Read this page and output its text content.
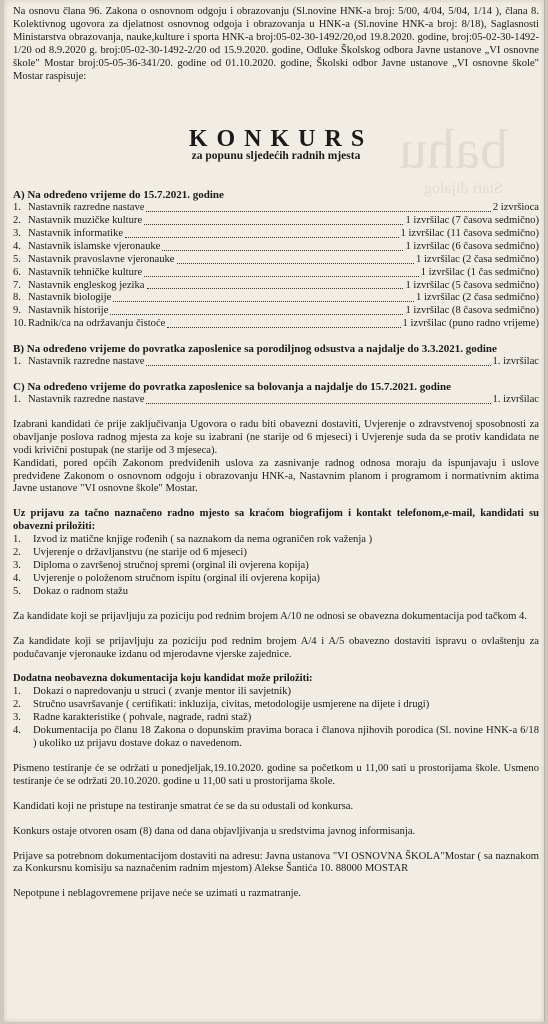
bahu
Stari dijalog

Na osnovu člana 96. Zakona o osnovnom odgoju i obrazovanju (Sl.novine HNK-a broj: 5/00, 4/04, 5/04, 1/14 ), člana 8. Kolektivnog ugovora za djelatnost osnovnog odgoja i obrazovanja u HNK-a (Sl.novine HNK-a broj: 8/18), Saglasnosti Ministarstva obrazovanja, nauke,kulture i sporta HNK-a broj:05-02-30-1492/20,od 19.8.2020. godine, broj:05-02-30-1492-1/20 od 8.9.2020 g. broj:05-02-30-1492-2/20 od 15.9.2020. godine, Odluke Školskog odbora Javne ustanove „VI osnovne škole" Mostar broj:05-05-36-341/20. godine od 01.10.2020. godine, Školski odbor Javne ustanove „VI osnovne škole" Mostar raspisuje:

KONKURS
za popunu sljedećih radnih mjesta

A) Na određeno vrijeme do 15.7.2021. godine

1. Nastavnik razredne nastave	2 izvršioca
2. Nastavnik muzičke kulture	1 izvršilac (7 časova sedmično)
3. Nastavnik informatike	1 izvršilac (11 časova sedmično)
4. Nastavnik islamske vjeronauke	1 izvršilac (6 časova sedmično)
5. Nastavnik pravoslavne vjeronauke	1 izvršilac (2 časa sedmično)
6. Nastavnik tehničke kulture	1 izvršilac (1 čas sedmično)
7. Nastavnik engleskog jezika	1 izvršilac (5 časova sedmično)
8. Nastavnik biologije	1 izvršilac (2 časa sedmično)
9. Nastavnik historije	1 izvršilac (8 časova sedmično)
10. Radnik/ca na održavanju čistoće	1 izvršilac (puno radno vrijeme)

B) Na određeno vrijeme do povratka zaposlenice sa porodiljnog odsustva a najdalje do 3.3.2021. godine

1. Nastavnik razredne nastave	1. izvršilac

C) Na određeno vrijeme do povratka zaposlenice sa bolovanja a najdalje do 15.7.2021. godine

1. Nastavnik razredne nastave	1. izvršilac

Izabrani kandidati će prije zaključivanja Ugovora o radu biti obavezni dostaviti, Uvjerenje o zdravstvenoj sposobnosti za obavljanje poslova radnog mjesta za koje su izabrani (ne starije od 6 mjeseci) i Uvjerenje suda da se protiv kandidata ne vodi krivični postupak (ne starije od 3 mjeseca).

Kandidati, pored općih Zakonom predviđenih uslova za zasnivanje radnog odnosa moraju da ispunjavaju i uslove predviđene Zakonom o osnovnom odgoju i obrazovanju HNK-a, Nastavnim planom i programom i normativnim aktima Javne ustanove "VI osnovne škole" Mostar.

Uz prijavu za tačno naznačeno radno mjesto sa kraćom biografijom i kontakt telefonom,e-mail, kandidati su obavezni priložiti:

1.	Izvod iz matične knjige rođenih ( sa naznakom da nema ograničen rok važenja )
2.	Uvjerenje o državljanstvu (ne starije od 6 mjeseci)
3.	Diploma o završenoj stručnoj spremi (orginal ili ovjerena kopija)
4.	Uvjerenje o položenom stručnom ispitu (orginal ili ovjerena kopija)
5.	Dokaz o radnom stažu

Za kandidate koji se prijavljuju za poziciju pod rednim brojem A/10 ne odnosi se obavezna dokumentacija pod tačkom 4.

Za kandidate koji se prijavljuju za poziciju pod rednim brojem A/4 i A/5 obavezno dostaviti ispravu o ovlaštenju za podučavanje vjeronauke izdanu od mjerodavne vjerske zajednice.

Dodatna neobavezna dokumentacija koju kandidat može priložiti:

1.	Dokazi o napredovanju u struci ( zvanje mentor ili savjetnik)
2.	Stručno usavršavanje ( certifikati: inkluzija, civitas, metodologije usmjerene na dijete i drugi)
3.	Radne karakteristike ( pohvale, nagrade, radni staž)
4.	Dokumentacija po članu 18 Zakona o dopunskim pravima boraca i članova njihovih porodica (Sl. novine HNK-a 6/18 ) ukoliko uz prijavu dostave dokaz o navedenom.

Pismeno testiranje će se održati u ponedjeljak,19.10.2020. godine sa početkom u 11,00 sati u prostorijama škole. Usmeno testiranje će se održati 20.10.2020. godine u 11,00 sati u prostorijama škole.

Kandidati koji ne pristupe na testiranje smatrat će se da su odustali od konkursa.

Konkurs ostaje otvoren osam (8) dana od dana objavljivanja u sredstvima javnog informisanja.

Prijave sa potrebnom dokumentacijom dostaviti na adresu: Javna ustanova "VI OSNOVNA ŠKOLA"Mostar ( sa naznakom za Konkursnu komisiju sa naznačenim radnim mjestom) Alekse Šantića 10. 88000 MOSTAR

Nepotpune i neblagovremene prijave neće se uzimati u razmatranje.
